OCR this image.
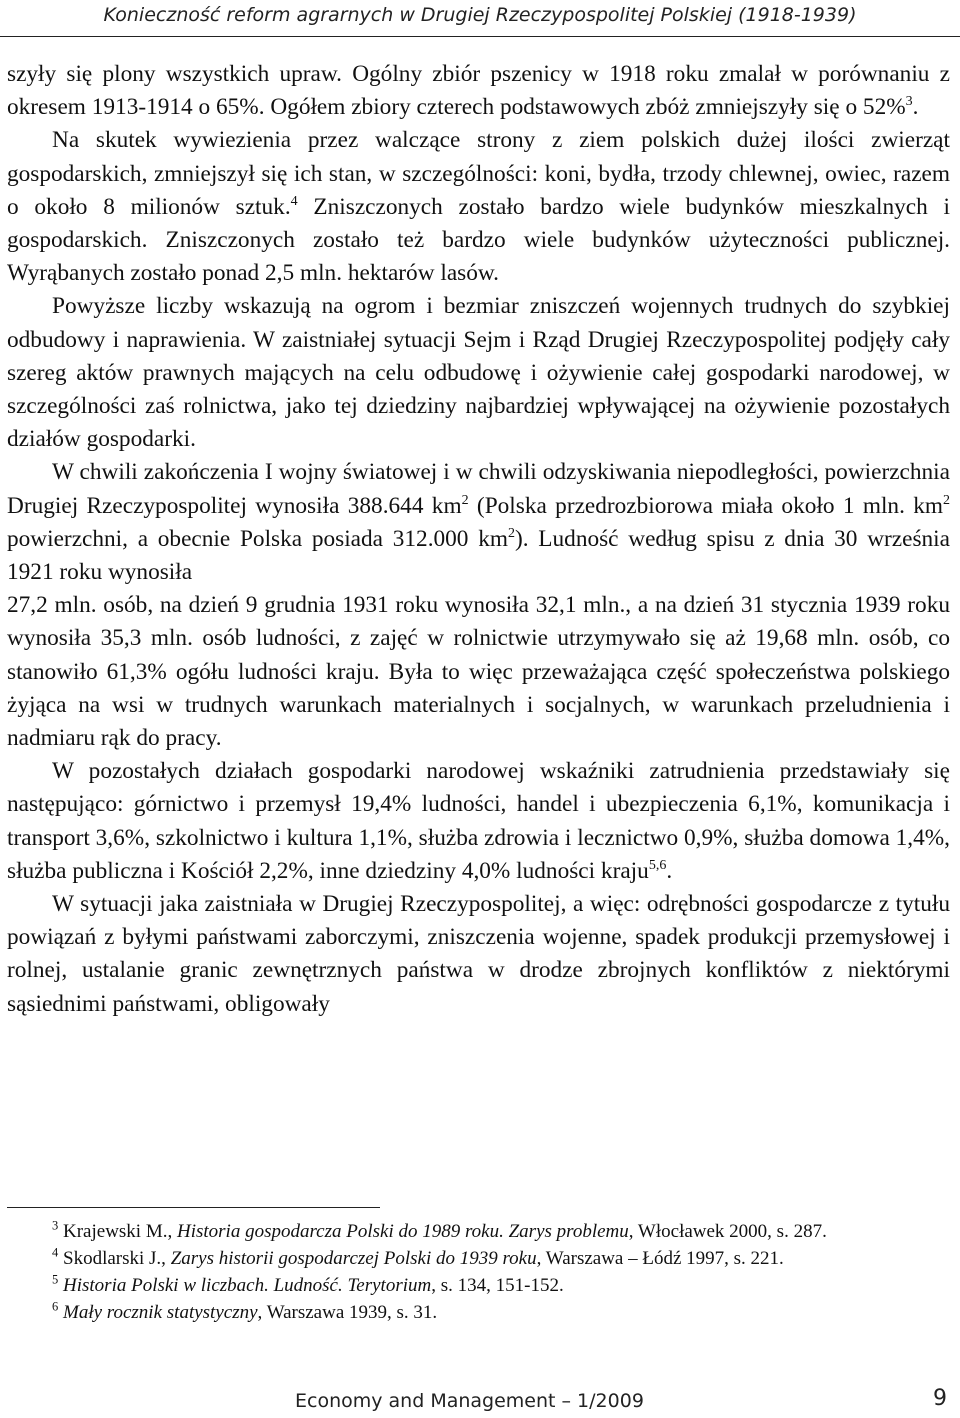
Konieczność reform agrarnych w Drugiej Rzeczypospolitej Polskiej (1918-1939)

szyły się plony wszystkich upraw. Ogólny zbiór pszenicy w 1918 roku zmalał w porównaniu z okresem 1913-1914 o 65%. Ogółem zbiory czterech podstawowych zbóż zmniejszyły się o 52%$^3$.

Na skutek wywiezienia przez walczące strony z ziem polskich dużej ilości zwierząt gospodarskich, zmniejszył się ich stan, w szczególności: koni, bydła, trzody chlewnej, owiec, razem o około 8 milionów sztuk.$^4$ Zniszczonych zostało bardzo wiele budynków mieszkalnych i gospodarskich. Zniszczonych zostało też bardzo wiele budynków użyteczności publicznej. Wyrąbanych zostało ponad 2,5 mln. hektarów lasów.

Powyższe liczby wskazują na ogrom i bezmiar zniszczeń wojennych trudnych do szybkiej odbudowy i naprawienia. W zaistniałej sytuacji Sejm i Rząd Drugiej Rzeczypospolitej podjęły cały szereg aktów prawnych mających na celu odbudowę i ożywienie całej gospodarki narodowej, w szczególności zaś rolnictwa, jako tej dziedziny najbardziej wpływającej na ożywienie pozostałych działów gospodarki.

W chwili zakończenia I wojny światowej i w chwili odzyskiwania niepodległości, powierzchnia Drugiej Rzeczypospolitej wynosiła 388.644 $km^2$ (Polska przedrozbiorowa miała około 1 mln. $km^2$ powierzchni, a obecnie Polska posiada 312.000 $km^2$). Ludność według spisu z dnia 30 września 1921 roku wynosiła

27,2 mln. osób, na dzień 9 grudnia 1931 roku wynosiła 32,1 mln., a na dzień 31 stycznia 1939 roku wynosiła 35,3 mln. osób ludności, z zajęć w rolnictwie utrzymywało się aż 19,68 mln. osób, co stanowiło 61,3% ogółu ludności kraju. Była to więc przeważająca część społeczeństwa polskiego żyjąca na wsi w trudnych warunkach materialnych i socjalnych, w warunkach przeludnienia i nadmiaru rąk do pracy.

W pozostałych działach gospodarki narodowej wskaźniki zatrudnienia przedstawiały się następująco: górnictwo i przemysł 19,4% ludności, handel i ubezpieczenia 6,1%, komunikacja i transport 3,6%, szkolnictwo i kultura 1,1%, służba zdrowia i lecznictwo 0,9%, służba domowa 1,4%, służba publiczna i Kościół 2,2%, inne dziedziny 4,0% ludności kraju$^{5,6}$.

W sytuacji jaka zaistniała w Drugiej Rzeczypospolitej, a więc: odrębności gospodarcze z tytułu powiązań z byłymi państwami zaborczymi, zniszczenia wojenne, spadek produkcji przemysłowej i rolnej, ustalanie granic zewnętrznych państwa w drodze zbrojnych konfliktów z niektórymi sąsiednimi państwami, obligowały

$^3$ Krajewski M., Historia gospodarcza Polski do 1989 roku. Zarys problemu, Włocławek 2000, s. 287.

$^4$ Skodlarski J., Zarys historii gospodarczej Polski do 1939 roku, Warszawa – Łódź 1997, s. 221.

$^5$ Historia Polski w liczbach. Ludność. Terytorium, s. 134, 151-152.

$^6$ Mały rocznik statystyczny, Warszawa 1939, s. 31.

Economy and Management – 1/2009	9
